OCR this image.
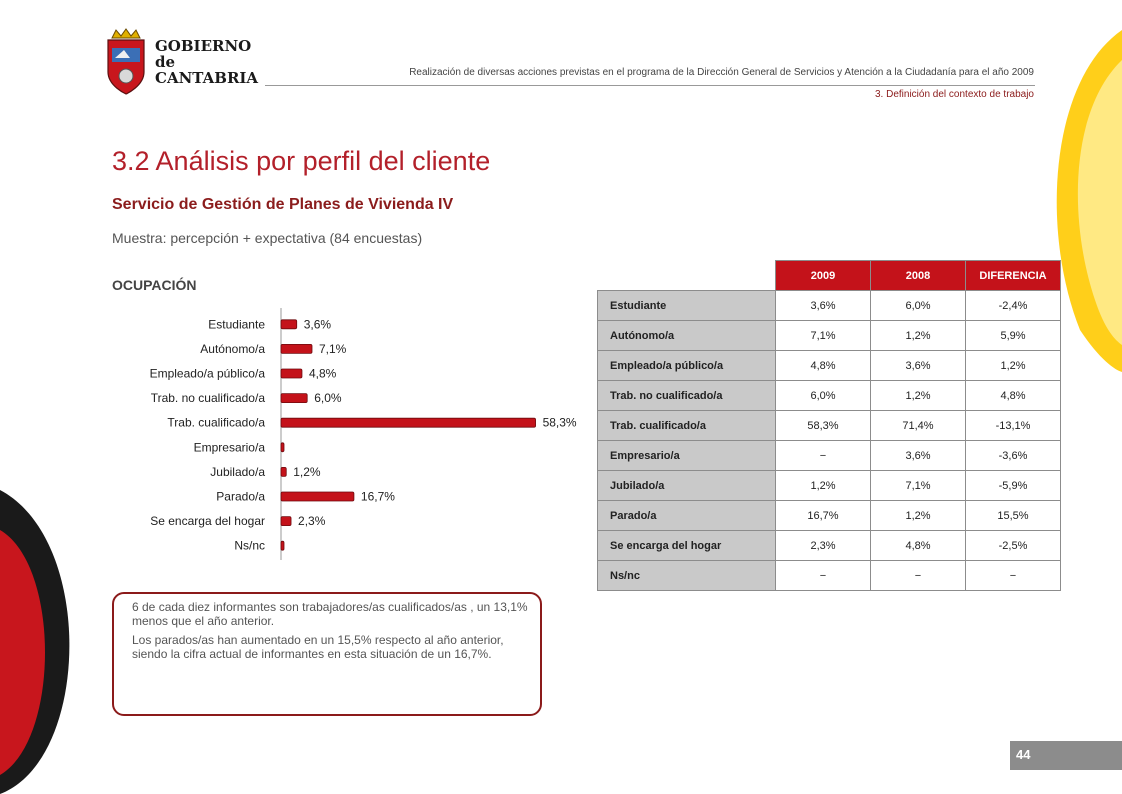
GOBIERNO
de
CANTABRIA	Realización de diversas acciones previstas en el programa de la Dirección General de Servicios y Atención a la Ciudadanía para el año 2009
3. Definición del contexto de trabajo
3.2 Análisis por perfil del cliente
Servicio de Gestión de Planes de Vivienda IV
Muestra: percepción + expectativa (84 encuestas)
OCUPACIÓN
Estudiante	3,6%
Autónomo/a	7,1%
Empleado/a público/a	4,8%
Trab. no cualificado/a	6,0%
Trab. cualificado/a	58,3%
Empresario/a
Jubilado/a 1,2%
Parado/a	16,7%
Se encarga del hogar	2,3%
Ns/nc
	2009	2008	DIFERENCIA
Estudiante	3,6%	6,0%	-2,4%
Autónomo/a	7,1%	1,2%	5,9%
Empleado/a público/a	4,8%	3,6%	1,2%
Trab. no cualificado/a	6,0%	1,2%	4,8%
Trab. cualificado/a	58,3%	71,4%	-13,1%
Empresario/a	−	3,6%	-3,6%
Jubilado/a	1,2%	7,1%	-5,9%
Parado/a	16,7%	1,2%	15,5%
Se encarga del hogar	2,3%	4,8%	-2,5%
Ns/nc	−	−	−

6 de cada diez informantes son trabajadores/as cualificados/as , un 13,1% menos que el año anterior.

Los parados/as han aumentado en un 15,5% respecto al año anterior, siendo la cifra actual de informantes en esta situación de un 16,7%.

44
